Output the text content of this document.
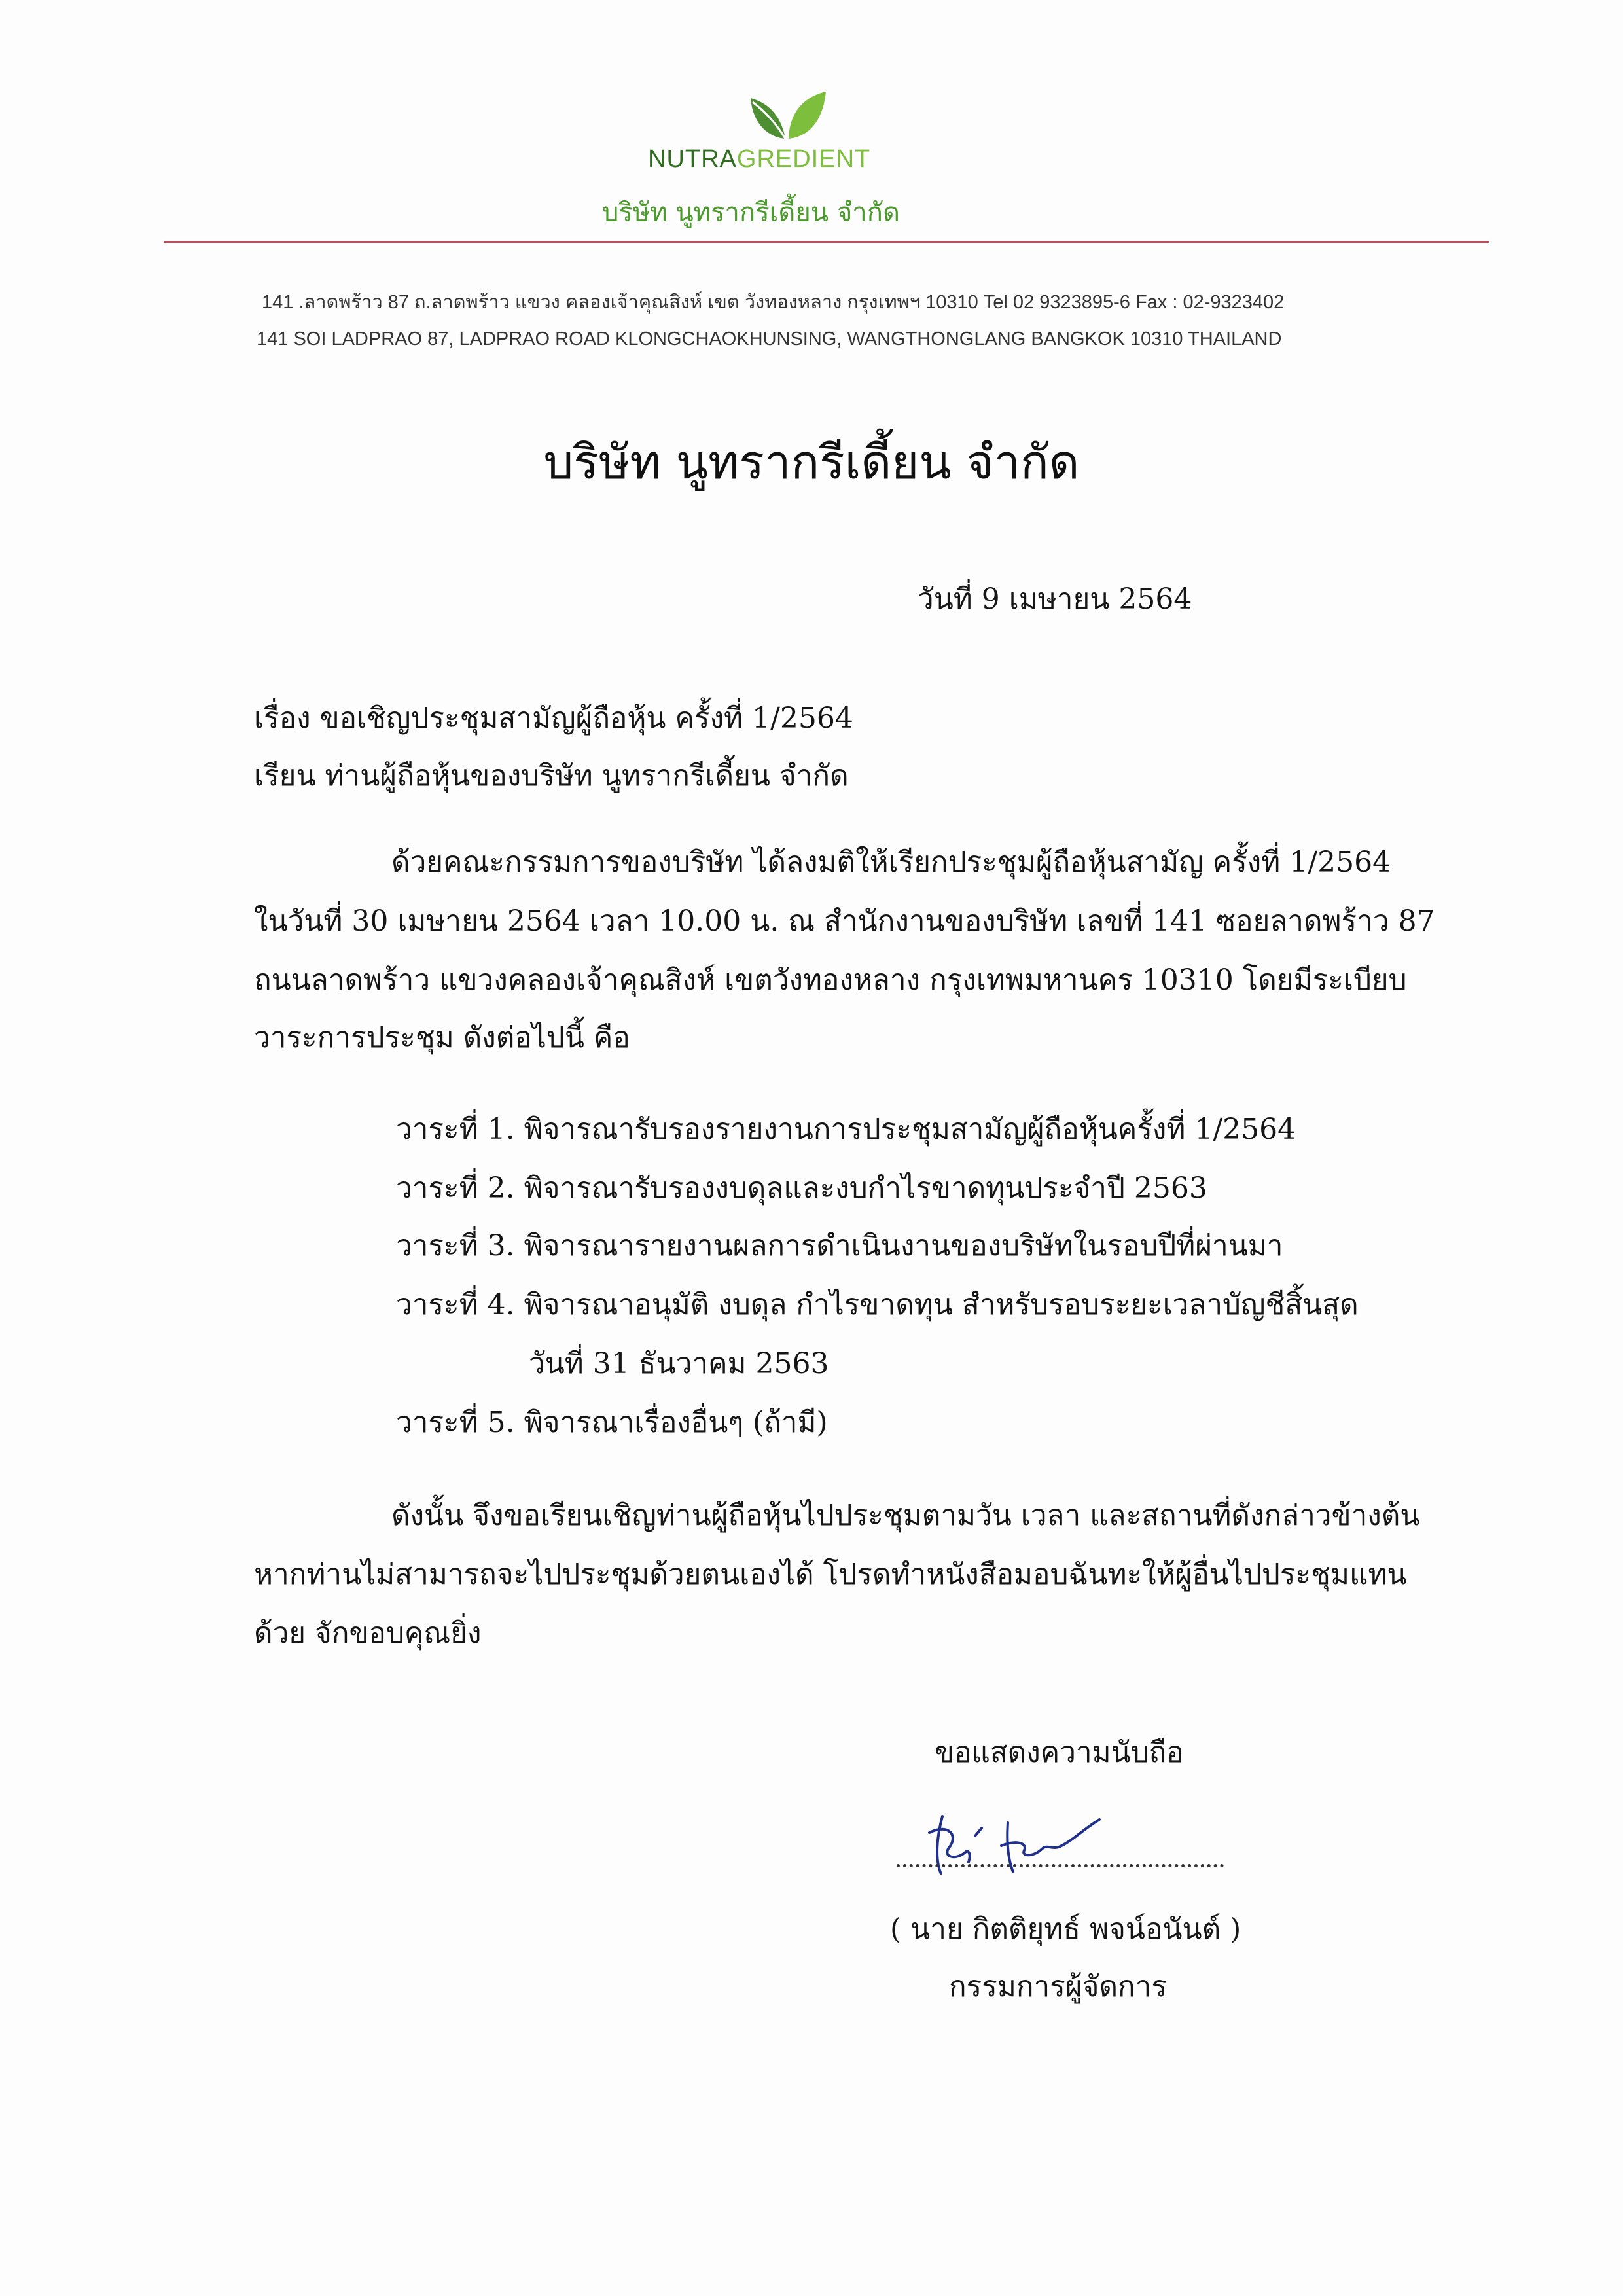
NUTRAGREDIENT
บริษัท นูทรากรีเดี้ยน จำกัด
141 .ลาดพร้าว 87 ถ.ลาดพร้าว แขวง คลองเจ้าคุณสิงห์ เขต วังทองหลาง กรุงเทพฯ 10310 Tel 02 9323895-6 Fax : 02-9323402
141 SOI LADPRAO 87, LADPRAO ROAD KLONGCHAOKHUNSING, WANGTHONGLANG BANGKOK 10310 THAILAND
บริษัท นูทรากรีเดี้ยน จำกัด
วันที่ 9 เมษายน 2564
เรื่อง ขอเชิญประชุมสามัญผู้ถือหุ้น ครั้งที่ 1/2564
เรียน ท่านผู้ถือหุ้นของบริษัท นูทรากรีเดี้ยน จำกัด
ด้วยคณะกรรมการของบริษัท ได้ลงมติให้เรียกประชุมผู้ถือหุ้นสามัญ ครั้งที่ 1/2564
ในวันที่ 30 เมษายน 2564 เวลา 10.00 น. ณ สำนักงานของบริษัท เลขที่ 141 ซอยลาดพร้าว 87
ถนนลาดพร้าว แขวงคลองเจ้าคุณสิงห์ เขตวังทองหลาง กรุงเทพมหานคร 10310 โดยมีระเบียบ
วาระการประชุม ดังต่อไปนี้ คือ
วาระที่ 1. พิจารณารับรองรายงานการประชุมสามัญผู้ถือหุ้นครั้งที่ 1/2564
วาระที่ 2. พิจารณารับรองงบดุลและงบกำไรขาดทุนประจำปี 2563
วาระที่ 3. พิจารณารายงานผลการดำเนินงานของบริษัทในรอบปีที่ผ่านมา
วาระที่ 4. พิจารณาอนุมัติ งบดุล กำไรขาดทุน สำหรับรอบระยะเวลาบัญชีสิ้นสุด
วันที่ 31 ธันวาคม 2563
วาระที่ 5. พิจารณาเรื่องอื่นๆ (ถ้ามี)
ดังนั้น จึงขอเรียนเชิญท่านผู้ถือหุ้นไปประชุมตามวัน เวลา และสถานที่ดังกล่าวข้างต้น
หากท่านไม่สามารถจะไปประชุมด้วยตนเองได้ โปรดทำหนังสือมอบฉันทะให้ผู้อื่นไปประชุมแทน
ด้วย จักขอบคุณยิ่ง
ขอแสดงความนับถือ
( นาย กิตติยุทธ์ พจน์อนันต์ )
กรรมการผู้จัดการ
